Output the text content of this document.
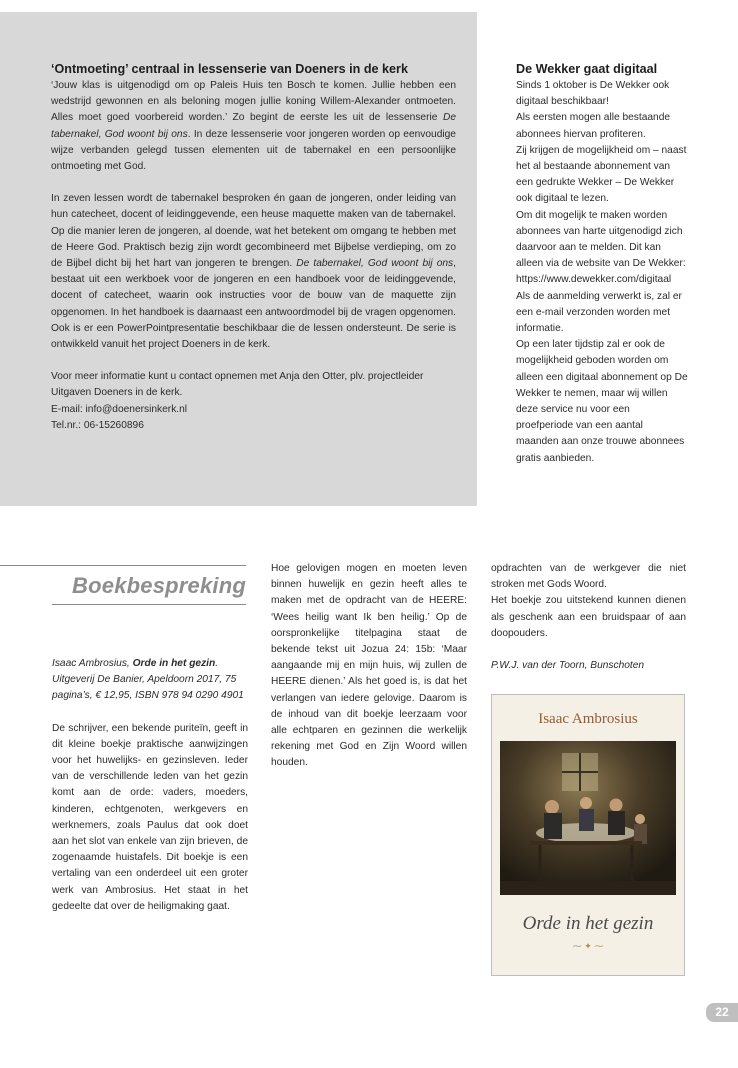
‘Ontmoeting’ centraal in lessenserie van Doeners in de kerk

‘Jouw klas is uitgenodigd om op Paleis Huis ten Bosch te komen. Jullie hebben een wedstrijd gewonnen en als beloning mogen jullie koning Willem-Alexander ontmoeten. Alles moet goed voorbereid worden.’ Zo begint de eerste les uit de lessenserie De tabernakel, God woont bij ons. In deze lessenserie voor jongeren worden op eenvoudige wijze verbanden gelegd tussen elementen uit de tabernakel en een persoonlijke ontmoeting met God.

In zeven lessen wordt de tabernakel besproken én gaan de jongeren, onder leiding van hun catecheet, docent of leidinggevende, een heuse maquette maken van de tabernakel. Op die manier leren de jongeren, al doende, wat het betekent om omgang te hebben met de Heere God. Praktisch bezig zijn wordt gecombineerd met Bijbelse verdieping, om zo de Bijbel dicht bij het hart van jongeren te brengen. De tabernakel, God woont bij ons, bestaat uit een werkboek voor de jongeren en een handboek voor de leidinggevende, docent of catecheet, waarin ook instructies voor de bouw van de maquette zijn opgenomen. In het handboek is daarnaast een antwoordmodel bij de vragen opgenomen. Ook is er een PowerPointpresentatie beschikbaar die de lessen ondersteunt. De serie is ontwikkeld vanuit het project Doeners in de kerk.

Voor meer informatie kunt u contact opnemen met Anja den Otter, plv. projectleider
Uitgaven Doeners in de kerk.
E-mail: info@doenersinkerk.nl
Tel.nr.: 06-15260896

De Wekker gaat digitaal

Sinds 1 oktober is De Wekker ook digitaal beschikbaar!

Als eersten mogen alle bestaande abonnees hiervan profiteren.

Zij krijgen de mogelijkheid om – naast het al bestaande abonnement van een gedrukte Wekker – De Wekker ook digitaal te lezen.

Om dit mogelijk te maken worden abonnees van harte uitgenodigd zich daarvoor aan te melden. Dit kan alleen via de website van De Wekker: https://www.dewekker.com/digitaal

Als de aanmelding verwerkt is, zal er een e-mail verzonden worden met informatie.

Op een later tijdstip zal er ook de mogelijkheid geboden worden om alleen een digitaal abonnement op De Wekker te nemen, maar wij willen deze service nu voor een proefperiode van een aantal maanden aan onze trouwe abonnees gratis aanbieden.

Boekbespreking

Isaac Ambrosius, Orde in het gezin. Uitgeverij De Banier, Apeldoorn 2017, 75 pagina’s, € 12,95, ISBN 978 94 0290 4901

De schrijver, een bekende puriteïn, geeft in dit kleine boekje praktische aanwijzingen voor het huwelijks- en gezinsleven. Ieder van de verschillende leden van het gezin komt aan de orde: vaders, moeders, kinderen, echtgenoten, werkgevers en werknemers, zoals Paulus dat ook doet aan het slot van enkele van zijn brieven, de zogenaamde huistafels. Dit boekje is een vertaling van een onderdeel uit een groter werk van Ambrosius. Het staat in het gedeelte dat over de heiligmaking gaat.

Hoe gelovigen mogen en moeten leven binnen huwelijk en gezin heeft alles te maken met de opdracht van de HEERE: ‘Wees heilig want Ik ben heilig.’ Op de oorspronkelijke titelpagina staat de bekende tekst uit Jozua 24: 15b: ‘Maar aangaande mij en mijn huis, wij zullen de HEERE dienen.’ Als het goed is, is dat het verlangen van iedere gelovige. Daarom is de inhoud van dit boekje leerzaam voor alle echtparen en gezinnen die werkelijk rekening met God en Zijn Woord willen houden.

opdrachten van de werkgever die niet stroken met Gods Woord.

Het boekje zou uitstekend kunnen dienen als geschenk aan een bruidspaar of aan doopouders.

P.W.J. van der Toorn, Bunschoten

Isaac Ambrosius
Orde in het gezin
⁓ ✦ ⁓
22
